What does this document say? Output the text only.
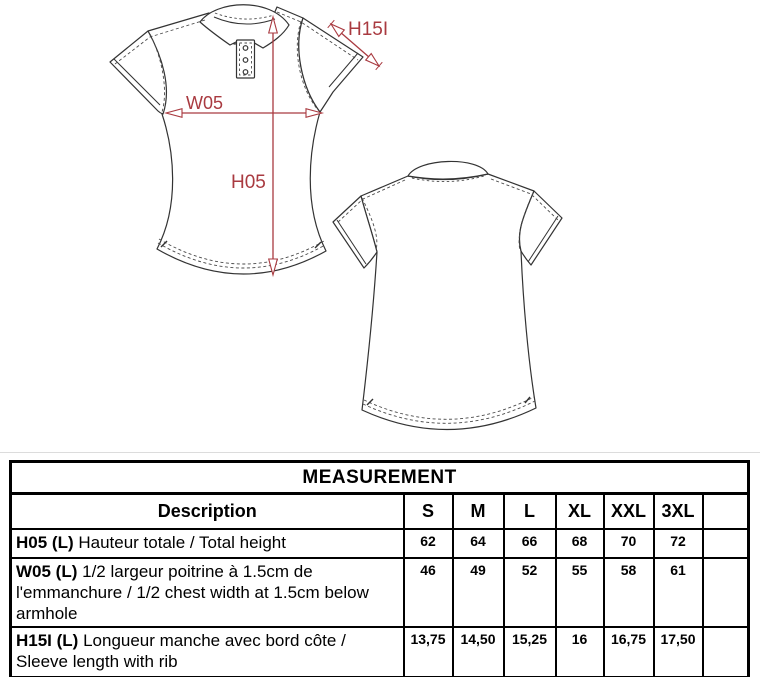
W05
H05
H15I
MEASUREMENT							
Description	S	M	L	XL	XXL	3XL	
H05 (L) Hauteur totale / Total height	62	64	66	68	70	72	
W05 (L) 1/2 largeur poitrine à 1.5cm de l'emmanchure / 1/2 chest width at 1.5cm below armhole	46	49	52	55	58	61	
H15I (L) Longueur manche avec bord côte / Sleeve length with rib	13,75	14,50	15,25	16	16,75	17,50	
